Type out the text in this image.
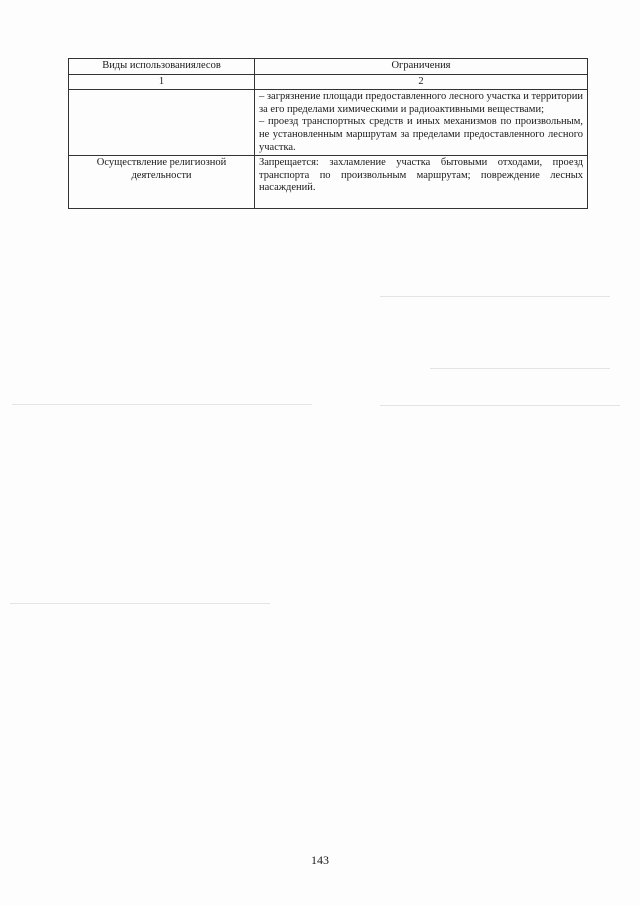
Виды использованиялесов	Ограничения
1	2

	– загрязнение площади предоставленного лесного участка и территории за его пределами химическими и радиоактивными веществами;

– проезд транспортных средств и иных механизмов по произвольным, не установленным маршрутам за пределами предоставленного лесного участка.

Осуществление религиозной деятельности	Запрещается: захламление участка бытовыми отходами, проезд транспорта по произвольным маршрутам; повреждение лесных насаждений.

143
